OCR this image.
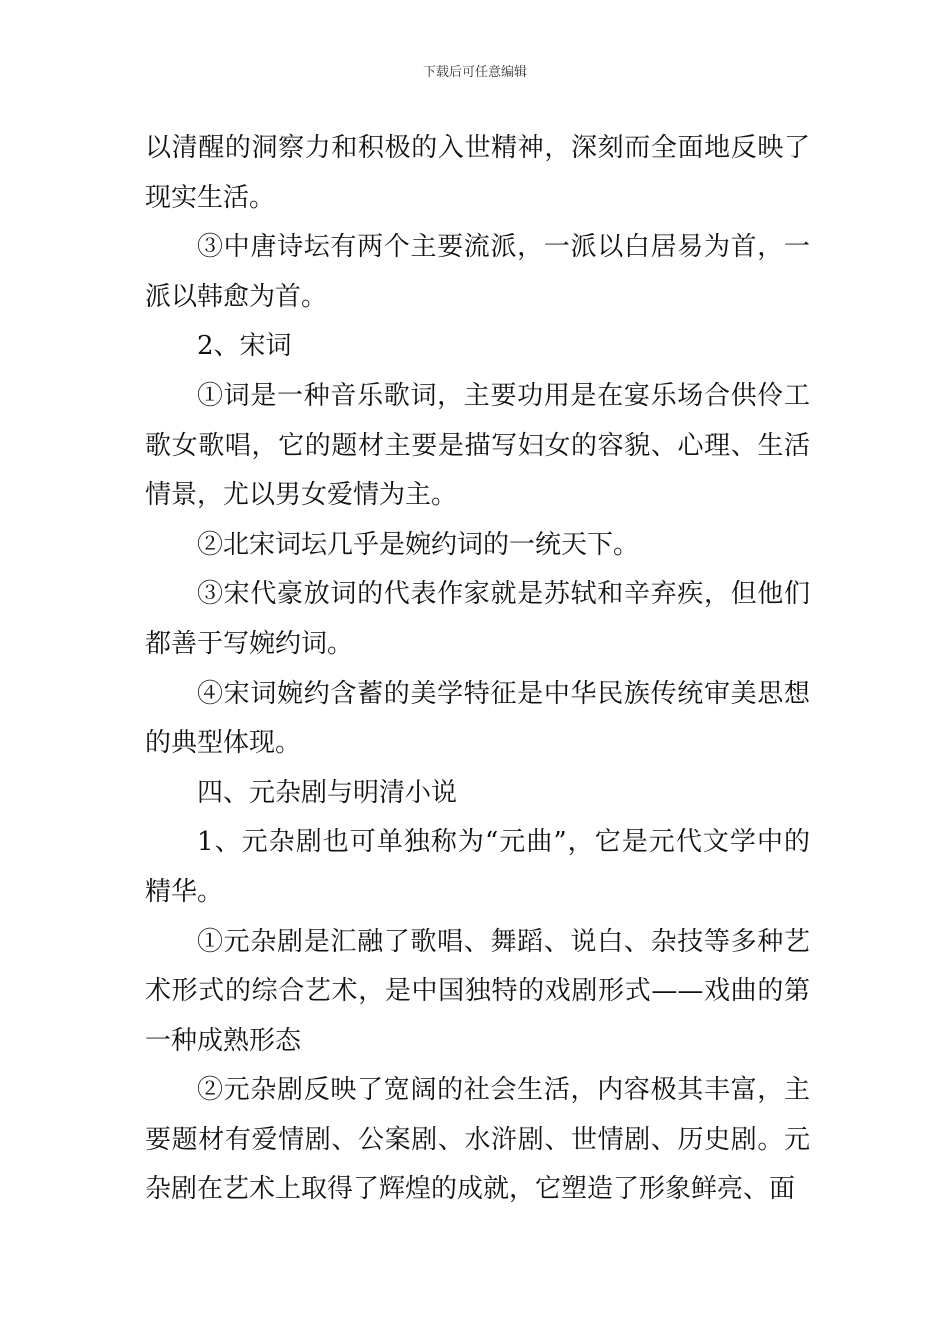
下载后可任意编辑

以清醒的洞察力和积极的入世精神，深刻而全面地反映了现实生活。

③中唐诗坛有两个主要流派，一派以白居易为首，一派以韩愈为首。

2、宋词

①词是一种音乐歌词，主要功用是在宴乐场合供伶工歌女歌唱，它的题材主要是描写妇女的容貌、心理、生活情景，尤以男女爱情为主。

②北宋词坛几乎是婉约词的一统天下。

③宋代豪放词的代表作家就是苏轼和辛弃疾，但他们都善于写婉约词。

④宋词婉约含蓄的美学特征是中华民族传统审美思想的典型体现。

四、元杂剧与明清小说

1、元杂剧也可单独称为“元曲”，它是元代文学中的精华。

①元杂剧是汇融了歌唱、舞蹈、说白、杂技等多种艺术形式的综合艺术，是中国独特的戏剧形式——戏曲的第一种成熟形态

②元杂剧反映了宽阔的社会生活，内容极其丰富，主要题材有爱情剧、公案剧、水浒剧、世情剧、历史剧。元杂剧在艺术上取得了辉煌的成就，它塑造了形象鲜亮、面
